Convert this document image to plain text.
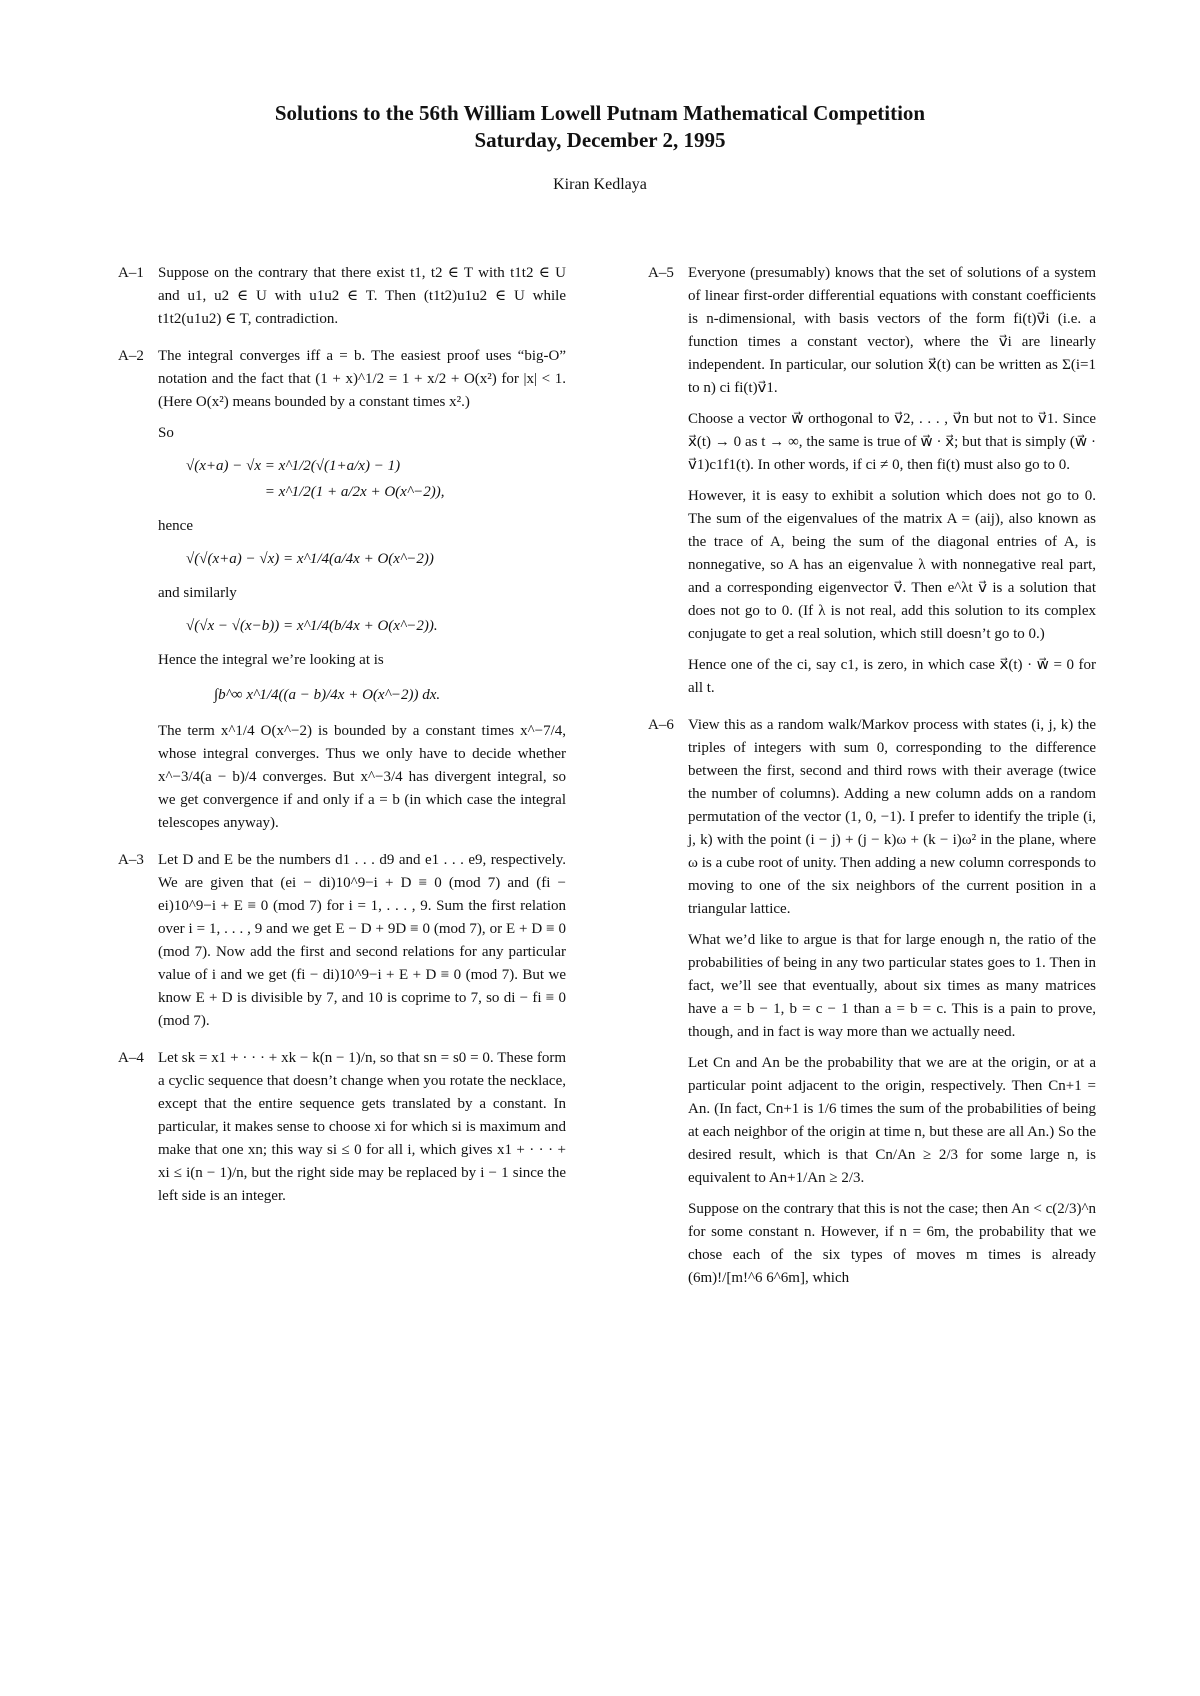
Solutions to the 56th William Lowell Putnam Mathematical Competition
Saturday, December 2, 1995
Kiran Kedlaya
A–1 Suppose on the contrary that there exist t1, t2 ∈ T with t1t2 ∈ U and u1, u2 ∈ U with u1u2 ∈ T. Then (t1t2)u1u2 ∈ U while t1t2(u1u2) ∈ T, contradiction.
A–2 The integral converges iff a = b. The easiest proof uses “big-O” notation and the fact that (1 + x)^1/2 = 1 + x/2 + O(x²) for |x| < 1. (Here O(x²) means bounded by a constant times x².)
So
√(x+a) − √x = x^1/2(√(1+a/x) − 1)
= x^1/2(1 + a/2x + O(x^−2)),
hence
√(√(x+a) − √x) = x^1/4(a/4x + O(x^−2))
and similarly
√(√x − √(x−b)) = x^1/4(b/4x + O(x^−2)).
Hence the integral we’re looking at is
∫b^∞ x^1/4((a − b)/4x + O(x^−2)) dx.
The term x^1/4 O(x^−2) is bounded by a constant times x^−7/4, whose integral converges. Thus we only have to decide whether x^−3/4(a − b)/4 converges. But x^−3/4 has divergent integral, so we get convergence if and only if a = b (in which case the integral telescopes anyway).
A–3 Let D and E be the numbers d1 . . . d9 and e1 . . . e9, respectively. We are given that (ei − di)10^9−i + D ≡ 0 (mod 7) and (fi − ei)10^9−i + E ≡ 0 (mod 7) for i = 1, . . . , 9. Sum the first relation over i = 1, . . . , 9 and we get E − D + 9D ≡ 0 (mod 7), or E + D ≡ 0 (mod 7). Now add the first and second relations for any particular value of i and we get (fi − di)10^9−i + E + D ≡ 0 (mod 7). But we know E + D is divisible by 7, and 10 is coprime to 7, so di − fi ≡ 0 (mod 7).
A–4 Let sk = x1 + · · · + xk − k(n − 1)/n, so that sn = s0 = 0. These form a cyclic sequence that doesn’t change when you rotate the necklace, except that the entire sequence gets translated by a constant. In particular, it makes sense to choose xi for which si is maximum and make that one xn; this way si ≤ 0 for all i, which gives x1 + · · · + xi ≤ i(n − 1)/n, but the right side may be replaced by i − 1 since the left side is an integer.
A–5 Everyone (presumably) knows that the set of solutions of a system of linear first-order differential equations with constant coefficients is n-dimensional, with basis vectors of the form fi(t)v⃗i (i.e. a function times a constant vector), where the v⃗i are linearly independent. In particular, our solution x⃗(t) can be written as Σ(i=1 to n) ci fi(t)v⃗1.
Choose a vector w⃗ orthogonal to v⃗2, . . . , v⃗n but not to v⃗1. Since x⃗(t) → 0 as t → ∞, the same is true of w⃗ · x⃗; but that is simply (w⃗ · v⃗1)c1f1(t). In other words, if ci ≠ 0, then fi(t) must also go to 0.
However, it is easy to exhibit a solution which does not go to 0. The sum of the eigenvalues of the matrix A = (aij), also known as the trace of A, being the sum of the diagonal entries of A, is nonnegative, so A has an eigenvalue λ with nonnegative real part, and a corresponding eigenvector v⃗. Then e^λt v⃗ is a solution that does not go to 0. (If λ is not real, add this solution to its complex conjugate to get a real solution, which still doesn’t go to 0.)
Hence one of the ci, say c1, is zero, in which case x⃗(t) · w⃗ = 0 for all t.
A–6 View this as a random walk/Markov process with states (i, j, k) the triples of integers with sum 0, corresponding to the difference between the first, second and third rows with their average (twice the number of columns). Adding a new column adds on a random permutation of the vector (1, 0, −1). I prefer to identify the triple (i, j, k) with the point (i − j) + (j − k)ω + (k − i)ω² in the plane, where ω is a cube root of unity. Then adding a new column corresponds to moving to one of the six neighbors of the current position in a triangular lattice.
What we’d like to argue is that for large enough n, the ratio of the probabilities of being in any two particular states goes to 1. Then in fact, we’ll see that eventually, about six times as many matrices have a = b − 1, b = c − 1 than a = b = c. This is a pain to prove, though, and in fact is way more than we actually need.
Let Cn and An be the probability that we are at the origin, or at a particular point adjacent to the origin, respectively. Then Cn+1 = An. (In fact, Cn+1 is 1/6 times the sum of the probabilities of being at each neighbor of the origin at time n, but these are all An.) So the desired result, which is that Cn/An ≥ 2/3 for some large n, is equivalent to An+1/An ≥ 2/3.
Suppose on the contrary that this is not the case; then An < c(2/3)^n for some constant n. However, if n = 6m, the probability that we chose each of the six types of moves m times is already (6m)!/[m!^6 6^6m], which
